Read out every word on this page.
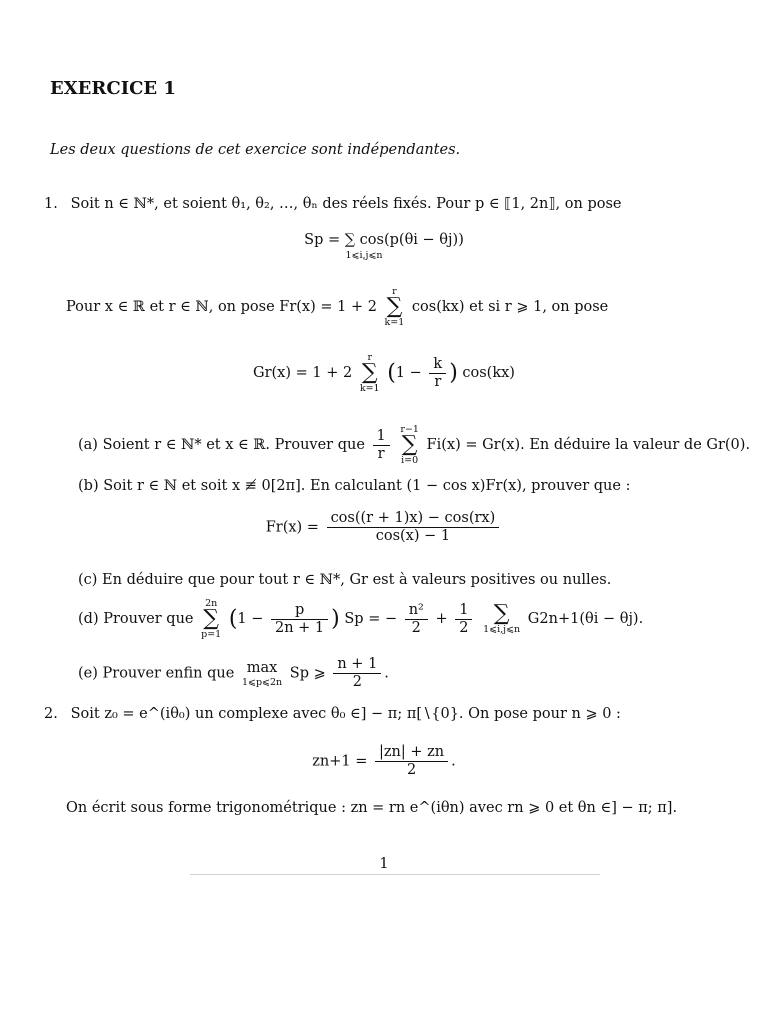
EXERCICE 1
Les deux questions de cet exercice sont indépendantes.
1. Soit n ∈ ℕ*, et soient θ₁, θ₂, …, θₙ des réels fixés. Pour p ∈ ⟦1, 2n⟧, on pose
Sp = ∑ cos(p(θi − θj))
1⩽i,j⩽n
Pour x ∈ ℝ et r ∈ ℕ, on pose Fr(x) = 1 + 2
r
∑
k=1
cos(kx) et si r ⩾ 1, on pose
Gr(x) = 1 + 2
r
∑
k=1
($1 - \frac{k}{r}$ ) cos(kx)
(a) Soient r ∈ ℕ* et x ∈ ℝ. Prouver que $\frac{1}{r}$
r−1
∑
i=0
Fi(x) = Gr(x). En déduire la valeur de Gr(0).
(b) Soit r ∈ ℕ et soit x ≢ 0[2π]. En calculant (1 − cos x)Fr(x), prouver que :
$Fr(x) = \frac{\cos((r + 1)x) - \cos(rx)}{\cos(x) - 1}$
(c) En déduire que pour tout r ∈ ℕ*, Gr est à valeurs positives ou nulles.
(d) Prouver que
2n
∑
p=1
($1 - \frac{p}{2n + 1}$ ) Sp = − $\frac{\text{n²}}{2} + \frac{1}{2}$
∑
1⩽i,j⩽n
G2n+1(θi − θj).
(e) Prouver enfin que max
1⩽p⩽2n
Sp ⩾ $\frac{n + 1}{2}$ .
2. Soit z₀ = e^(iθ₀) un complexe avec θ₀ ∈] − π; π[∖{0}. On pose pour n ⩾ 0 :
$zn+1 = \frac{|zn| + zn}{2}$ .
On écrit sous forme trigonométrique : zn = rn e^(iθn) avec rn ⩾ 0 et θn ∈] − π; π].
1
